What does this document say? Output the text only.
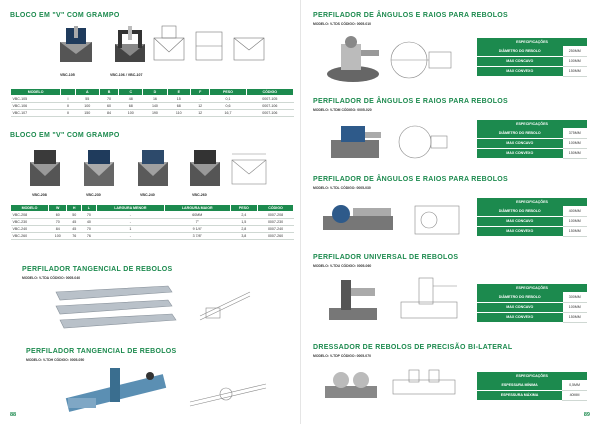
BLOCO EM "V" COM GRAMPO
VBC-105	VBC-106 / VBC-107
MODELO		A	B	C	D	E	F	PESO	CÓDIGO
VBC-105	I	55	70	48	16	15	-	0,1	0007-105
VBC-106	II	100	60	68	140	68	12	0,6	0007-106
VBC-107	II	150	84	100	190	110	12	16,7	0007-106
BLOCO EM "V" COM GRAMPO
VBC-208	VBC-230	VBC-240	VBC-260
MODELO	W	H	L	LARGURA MENOR	LARGURA MAIOR	PESO	CÓDIGO
VBC-208	60	50	70	-	60MM	2,4	0007-208
VBC-230	70	45	40	-	7"	1,5	0007-230
VBC-240	84	45	70	1	9 1/4"	2,8	0007-240
VBC-260	100	76	76	-	3 7/8"	3,8	0007-260
PERFILADOR TANGENCIAL DE REBOLOS
MODELO: V-TDA CÓDIGO: 0005-040
PERFILADOR TANGENCIAL DE REBOLOS
MODELO: V-TDH CÓDIGO: 0005-050
88
PERFILADOR DE ÂNGULOS E RAIOS PARA REBOLOS
MODELO: V-TDS CÓDIGO: 0005-010
ESPECIFICAÇÕES	
DIÂMETRO DO REBOLO	250MM
MAX CONCAVO	100MM
MAX CONVEXO	150MM
PERFILADOR DE ÂNGULOS E RAIOS PARA REBOLOS
MODELO: V-TDM CÓDIGO: 0005-020
ESPECIFICAÇÕES	
DIÂMETRO DO REBOLO	375MM
MAX CONCAVO	100MM
MAX CONVEXO	150MM
PERFILADOR DE ÂNGULOS E RAIOS PARA REBOLOS
MODELO: V-TDL CÓDIGO: 0005-030
ESPECIFICAÇÕES	
DIÂMETRO DO REBOLO	400MM
MAX CONCAVO	100MM
MAX CONVEXO	150MM
PERFILADOR UNIVERSAL DE REBOLOS
MODELO: V-TDU CÓDIGO: 0005-060
ESPECIFICAÇÕES	
DIÂMETRO DO REBOLO	300MM
MAX CONCAVO	100MM
MAX CONVEXO	150MM
DRESSADOR DE REBOLOS DE PRECISÃO BI-LATERAL
MODELO: V-TDP CÓDIGO: 0005-070
ESPECIFICAÇÕES	
ESPESSURA MÍNIMA	0,5MM
ESPESSURA MÁXIMA	40MM
89
